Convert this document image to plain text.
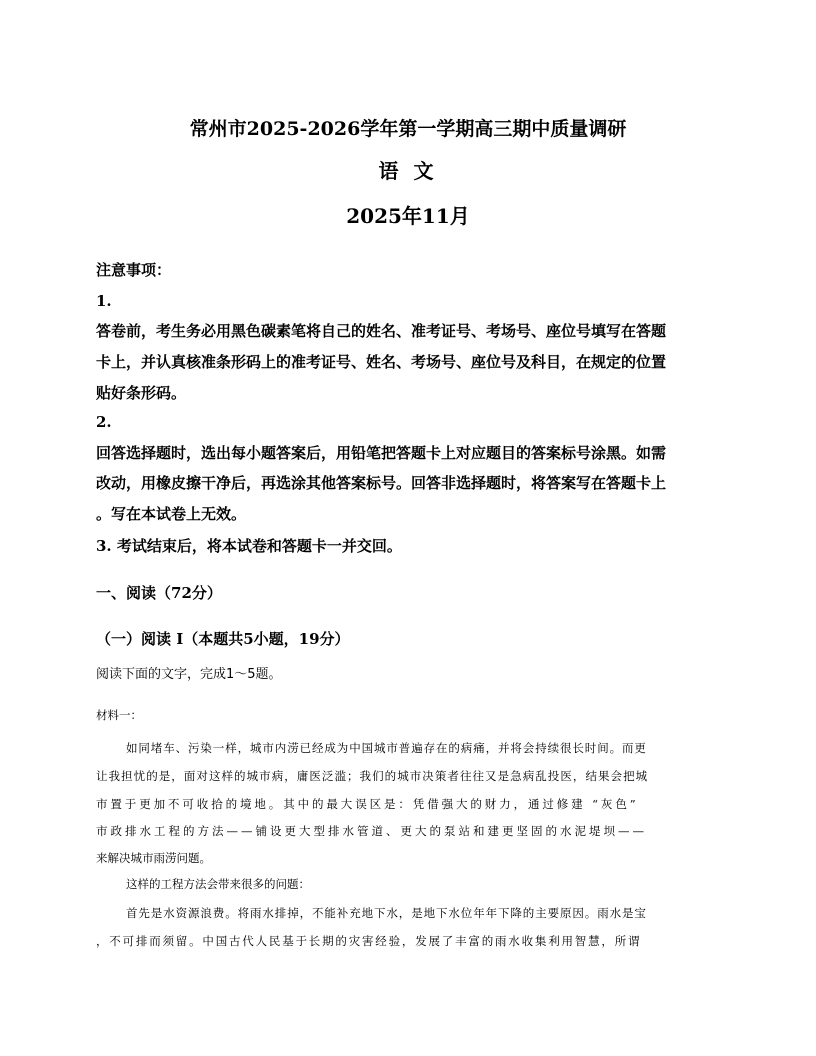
常州市2025-2026学年第一学期高三期中质量调研
语 文
2025年11月
注意事项：
1.
答卷前，考生务必用黑色碳素笔将自己的姓名、准考证号、考场号、座位号填写在答题
卡上，并认真核准条形码上的准考证号、姓名、考场号、座位号及科目，在规定的位置
贴好条形码。
2.
回答选择题时，选出每小题答案后，用铅笔把答题卡上对应题目的答案标号涂黑。如需
改动，用橡皮擦干净后，再选涂其他答案标号。回答非选择题时，将答案写在答题卡上
。写在本试卷上无效。
3. 考试结束后，将本试卷和答题卡一并交回。
一、阅读（72分）
（一）阅读 I（本题共5小题，19分）
阅读下面的文字，完成1～5题。
材料一：
如同堵车、污染一样，城市内涝已经成为中国城市普遍存在的病痛，并将会持续很长时间。而更
让我担忧的是，面对这样的城市病，庸医泛滥；我们的城市决策者往往又是急病乱投医，结果会把城
市置于更加不可收拾的境地。其中的最大误区是：凭借强大的财力，通过修建 “灰色”
市政排水工程的方法——铺设更大型排水管道、更大的泵站和建更坚固的水泥堤坝——
来解决城市雨涝问题。
这样的工程方法会带来很多的问题：
首先是水资源浪费。将雨水排掉，不能补充地下水，是地下水位年年下降的主要原因。雨水是宝
，不可排而须留。中国古代人民基于长期的灾害经验，发展了丰富的雨水收集利用智慧，所谓
